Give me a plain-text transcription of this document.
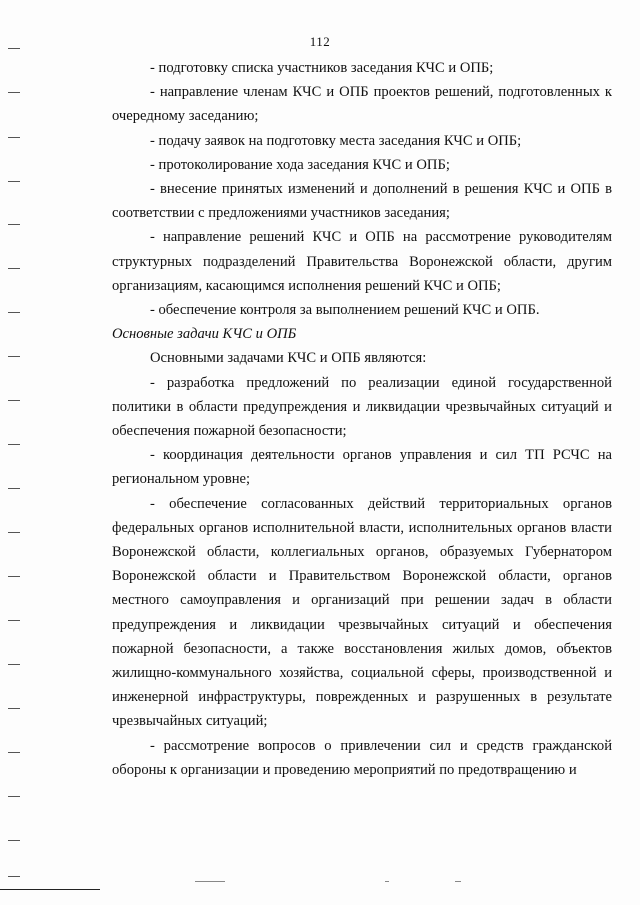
112

- подготовку списка участников заседания КЧС и ОПБ;

- направление членам КЧС и ОПБ проектов решений, подготовленных к очередному заседанию;

- подачу заявок на подготовку места заседания КЧС и ОПБ;

- протоколирование хода заседания КЧС и ОПБ;

- внесение принятых изменений и дополнений в решения КЧС и ОПБ в соответствии с предложениями участников заседания;

- направление решений КЧС и ОПБ на рассмотрение руководителям структурных подразделений Правительства Воронежской области, другим организациям, касающимся исполнения решений КЧС и ОПБ;

- обеспечение контроля за выполнением решений КЧС и ОПБ.

Основные задачи КЧС и ОПБ

Основными задачами КЧС и ОПБ являются:

- разработка предложений по реализации единой государственной политики в области предупреждения и ликвидации чрезвычайных ситуаций и обеспечения пожарной безопасности;

- координация деятельности органов управления и сил ТП РСЧС на региональном уровне;

- обеспечение согласованных действий территориальных органов федеральных органов исполнительной власти, исполнительных органов власти Воронежской области, коллегиальных органов, образуемых Губернатором Воронежской области и Правительством Воронежской области, органов местного самоуправления и организаций при решении задач в области предупреждения и ликвидации чрезвычайных ситуаций и обеспечения пожарной безопасности, а также восстановления жилых домов, объектов жилищно-коммунального хозяйства, социальной сферы, производственной и инженерной инфраструктуры, поврежденных и разрушенных в результате чрезвычайных ситуаций;

- рассмотрение вопросов о привлечении сил и средств гражданской обороны к организации и проведению мероприятий по предотвращению и
